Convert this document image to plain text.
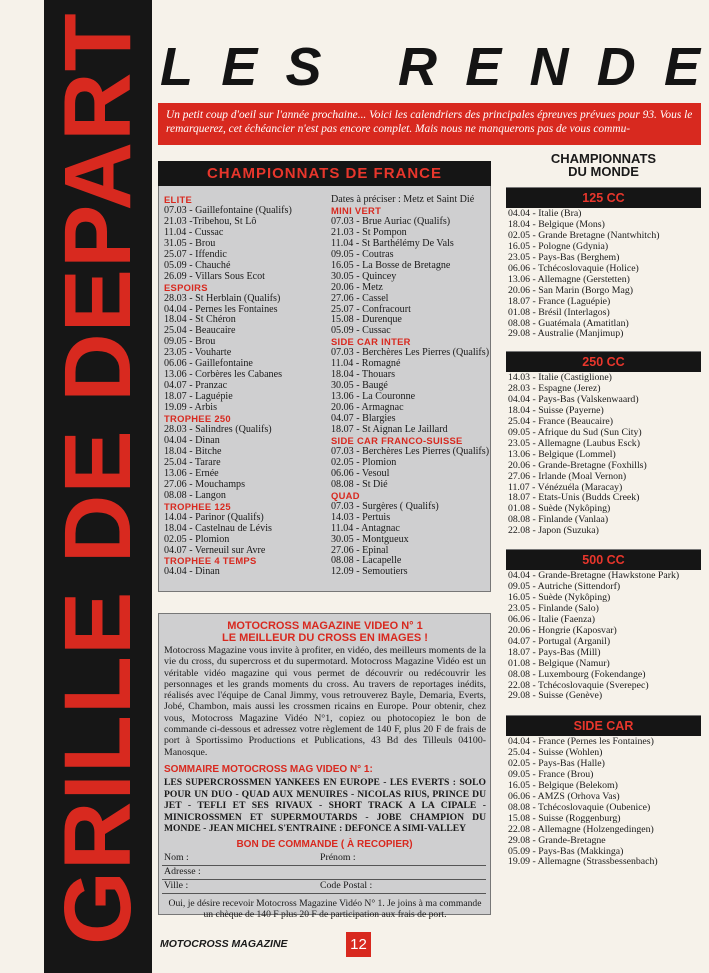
GRILLE DE DEPART L E S R E N D E
Un petit coup d'oeil sur l'année prochaine... Voici les calendriers des principales épreuves prévues pour 93. Vous le remarquerez, cet échéancier n'est pas encore complet. Mais nous ne manquerons pas de vous commu-
CHAMPIONNATS DE FRANCE
ELITE
07.03 - Gaillefontaine (Qualifs)
21.03 -Tribehou, St Lô
11.04 - Cussac
31.05 - Brou
25.07 - Iffendic
05.09 - Chauché
26.09 - Villars Sous Ecot
ESPOIRS
28.03 - St Herblain (Qualifs)
04.04 - Pernes les Fontaines
18.04 - St Chéron
25.04 - Beaucaire
09.05 - Brou
23.05 - Vouharte
06.06 - Gaillefontaine
13.06 - Corbères les Cabanes
04.07 - Pranzac
18.07 - Laguépie
19.09 - Arbis
TROPHEE 250
28.03 - Salindres (Qualifs)
04.04 - Dinan
18.04 - Bitche
25.04 - Tarare
13.06 - Ernée
27.06 - Mouchamps
08.08 - Langon
TROPHEE 125
14.04 - Parinor (Qualifs)
18.04 - Castelnau de Lévis
02.05 - Plomion
04.07 - Verneuil sur Avre
TROPHEE 4 TEMPS
04.04 - Dinan
Dates à préciser : Metz et Saint Dié
MINI VERT
07.03 - Brue Auriac (Qualifs)
21.03 - St Pompon
11.04 - St Barthélémy De Vals
09.05 - Coutras
16.05 - La Bosse de Bretagne
30.05 - Quincey
20.06 - Metz
27.06 - Cassel
25.07 - Confracourt
15.08 - Durenque
05.09 - Cussac
SIDE CAR INTER
07.03 - Berchères Les Pierres (Qualifs)
11.04 - Romagné
18.04 - Thouars
30.05 - Baugé
13.06 - La Couronne
20.06 - Armagnac
04.07 - Blargies
18.07 - St Aignan Le Jaillard
SIDE CAR FRANCO-SUISSE
07.03 - Berchères Les Pierres (Qualifs)
02.05 - Plomion
06.06 - Vesoul
08.08 - St Dié
QUAD
07.03 - Surgères ( Qualifs)
14.03 - Pertuis
11.04 - Antagnac
30.05 - Montgueux
27.06 - Epinal
08.08 - Lacapelle
12.09 - Semoutiers
MOTOCROSS MAGAZINE VIDEO N° 1
LE MEILLEUR DU CROSS EN IMAGES !
Motocross Magazine vous invite à profiter, en vidéo, des meilleurs moments de la vie du cross, du supercross et du supermotard. Motocross Magazine Vidéo est un véritable vidéo magazine qui vous permet de découvrir ou redécouvrir les personnages et les grands moments du cross. Au travers de reportages inédits, réalisés avec l'équipe de Canal Jimmy, vous retrouverez Bayle, Demaria, Everts, Jobé, Chambon, mais aussi les crossmen ricains en Europe. Pour obtenir, chez vous, Motocross Magazine Vidéo N°1, copiez ou photocopiez le bon de commande ci-dessous et adressez votre règlement de 140 F, plus 20 F de frais de port à Sportissimo Productions et Publications, 43 Bd des Tilleuls 04100-Manosque.
SOMMAIRE MOTOCROSS MAG VIDEO N° 1:
LES SUPERCROSSMEN YANKEES EN EUROPE - LES EVERTS : SOLO POUR UN DUO - QUAD AUX MENUIRES - NICOLAS RIUS, PRINCE DU JET - TEFLI ET SES RIVAUX - SHORT TRACK A LA CIPALE - MINICROSSMEN ET SUPERMOUTARDS - JOBE CHAMPION DU MONDE - JEAN MICHEL S'ENTRAINE : DEFONCE A SIMI-VALLEY
BON DE COMMANDE ( À RECOPIER)
Nom :	Prénom :
Adresse :
Ville :	Code Postal :
Oui, je désire recevoir Motocross Magazine Vidéo N° 1. Je joins à ma commande un chèque de 140 F plus 20 F de participation aux frais de port.
CHAMPIONNATS
DU MONDE
125 CC
04.04 - Italie (Bra)
18.04 - Belgique (Mons)
02.05 - Grande Bretagne (Nantwhitch)
16.05 - Pologne (Gdynia)
23.05 - Pays-Bas (Berghem)
06.06 - Tchécoslovaquie (Holice)
13.06 - Allemagne (Gerstetten)
20.06 - San Marin (Borgo Mag)
18.07 - France (Laguépie)
01.08 - Brésil (Interlagos)
08.08 - Guatémala (Amatitlan)
29.08 - Australie (Manjimup)
250 CC
14.03 - Italie (Castiglione)
28.03 - Espagne (Jerez)
04.04 - Pays-Bas (Valskenwaard)
18.04 - Suisse (Payerne)
25.04 - France (Beaucaire)
09.05 - Afrique du Sud (Sun City)
23.05 - Allemagne (Laubus Esck)
13.06 - Belgique (Lommel)
20.06 - Grande-Bretagne (Foxhills)
27.06 - Irlande (Moal Vernon)
11.07 - Vénézuéla (Maracay)
18.07 - Etats-Unis (Budds Creek)
01.08 - Suède (Nykôping)
08.08 - Finlande (Vanlaa)
22.08 - Japon (Suzuka)
500 CC
04.04 - Grande-Bretagne (Hawkstone Park)
09.05 - Autriche (Sittendorf)
16.05 - Suède (Nykôping)
23.05 - Finlande (Salo)
06.06 - Italie (Faenza)
20.06 - Hongrie (Kaposvar)
04.07 - Portugal (Arganil)
18.07 - Pays-Bas (Mill)
01.08 - Belgique (Namur)
08.08 - Luxembourg (Fokendange)
22.08 - Tchécoslovaquie (Sverepec)
29.08 - Suisse (Genève)
SIDE CAR
04.04 - France (Pernes les Fontaines)
25.04 - Suisse (Wohlen)
02.05 - Pays-Bas (Halle)
09.05 - France (Brou)
16.05 - Belgique (Belekom)
06.06 - AMZS (Orhova Vas)
08.08 - Tchécoslovaquie (Oubenice)
15.08 - Suisse (Roggenburg)
22.08 - Allemagne (Holzengedingen)
29.08 - Grande-Bretagne
05.09 - Pays-Bas (Makkinga)
19.09 - Allemagne (Strassbessenbach)
MOTOCROSS MAGAZINE	12
